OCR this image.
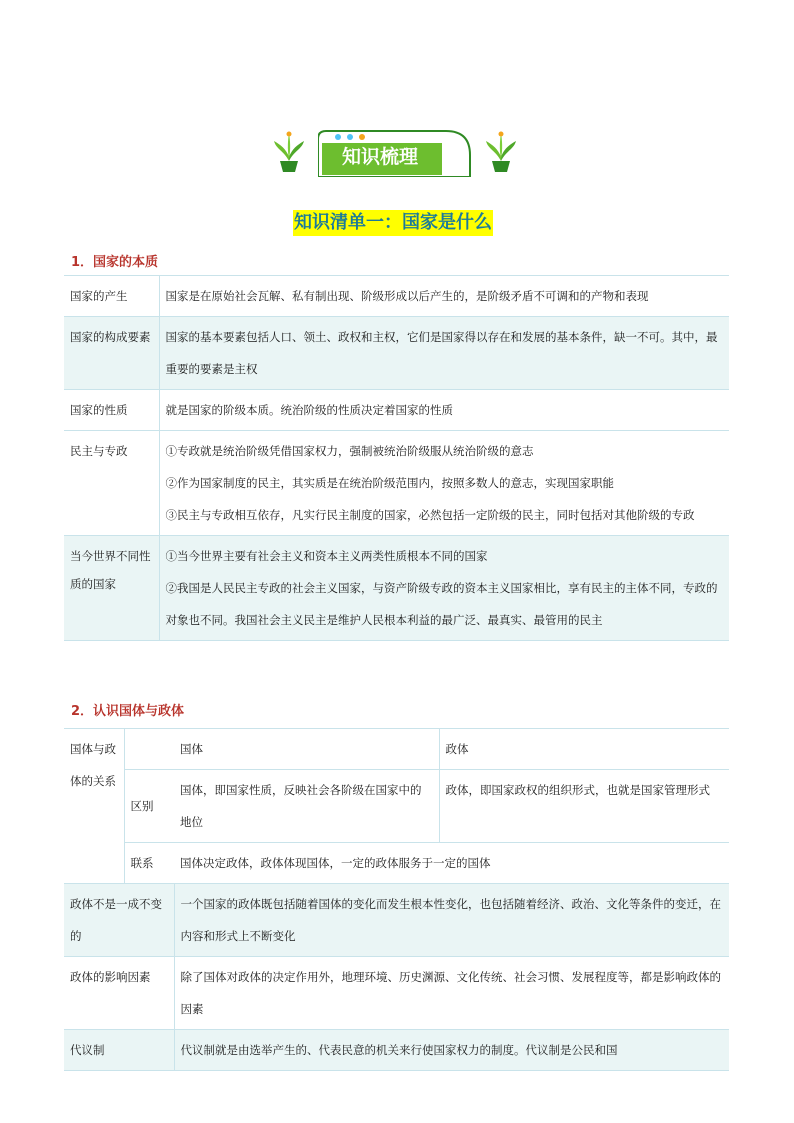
知识梳理
知识清单一：国家是什么
1．国家的本质
国家的产生	国家是在原始社会瓦解、私有制出现、阶级形成以后产生的，是阶级矛盾不可调和的产物和表现

国家的构成要素	国家的基本要素包括人口、领土、政权和主权，它们是国家得以存在和发展的基本条件，缺一不可。其中，最重要的要素是主权

国家的性质	就是国家的阶级本质。统治阶级的性质决定着国家的性质

民主与专政	①专政就是统治阶级凭借国家权力，强制被统治阶级服从统治阶级的意志
②作为国家制度的民主，其实质是在统治阶级范围内，按照多数人的意志，实现国家职能
③民主与专政相互依存，凡实行民主制度的国家，必然包括一定阶级的民主，同时包括对其他阶级的专政

当今世界不同性质的国家	①当今世界主要有社会主义和资本主义两类性质根本不同的国家
②我国是人民民主专政的社会主义国家，与资产阶级专政的资本主义国家相比，享有民主的主体不同，专政的对象也不同。我国社会主义民主是维护人民根本利益的最广泛、最真实、最管用的民主
2．认识国体与政体
国体与政体的关系		国体	政体
	区别	国体，即国家性质，反映社会各阶级在国家中的地位	政体，即国家政权的组织形式，也就是国家管理形式
	联系	国体决定政体，政体体现国体，一定的政体服务于一定的国体	
政体不是一成不变的		一个国家的政体既包括随着国体的变化而发生根本性变化，也包括随着经济、政治、文化等条件的变迁，在内容和形式上不断变化	
政体的影响因素		除了国体对政体的决定作用外，地理环境、历史渊源、文化传统、社会习惯、发展程度等，都是影响政体的因素	
代议制		代议制就是由选举产生的、代表民意的机关来行使国家权力的制度。代议制是公民和国	
